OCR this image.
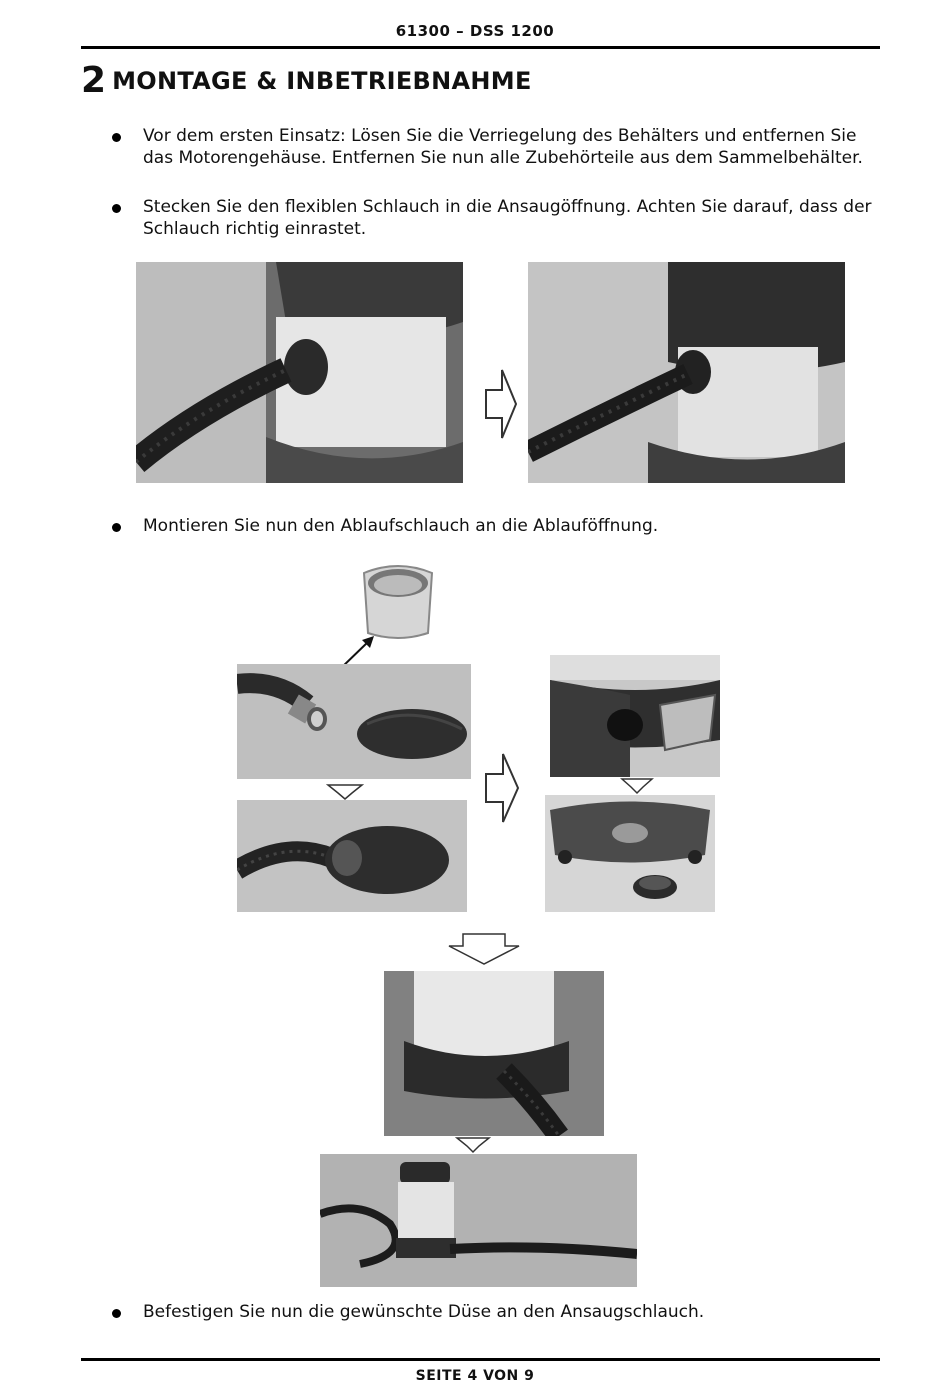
61300 – DSS 1200
2 MONTAGE & INBETRIEBNAHME
Vor dem ersten Einsatz: Lösen Sie die Verriegelung des Behälters und entfernen Sie das Motorengehäuse. Entfernen Sie nun alle Zubehörteile aus dem Sammelbehälter.
Stecken Sie den flexiblen Schlauch in die Ansaugöffnung. Achten Sie darauf, dass der Schlauch richtig einrastet.
Montieren Sie nun den Ablaufschlauch an die Ablauföffnung.
Befestigen Sie nun die gewünschte Düse an den Ansaugschlauch.
SEITE 4 VON 9
